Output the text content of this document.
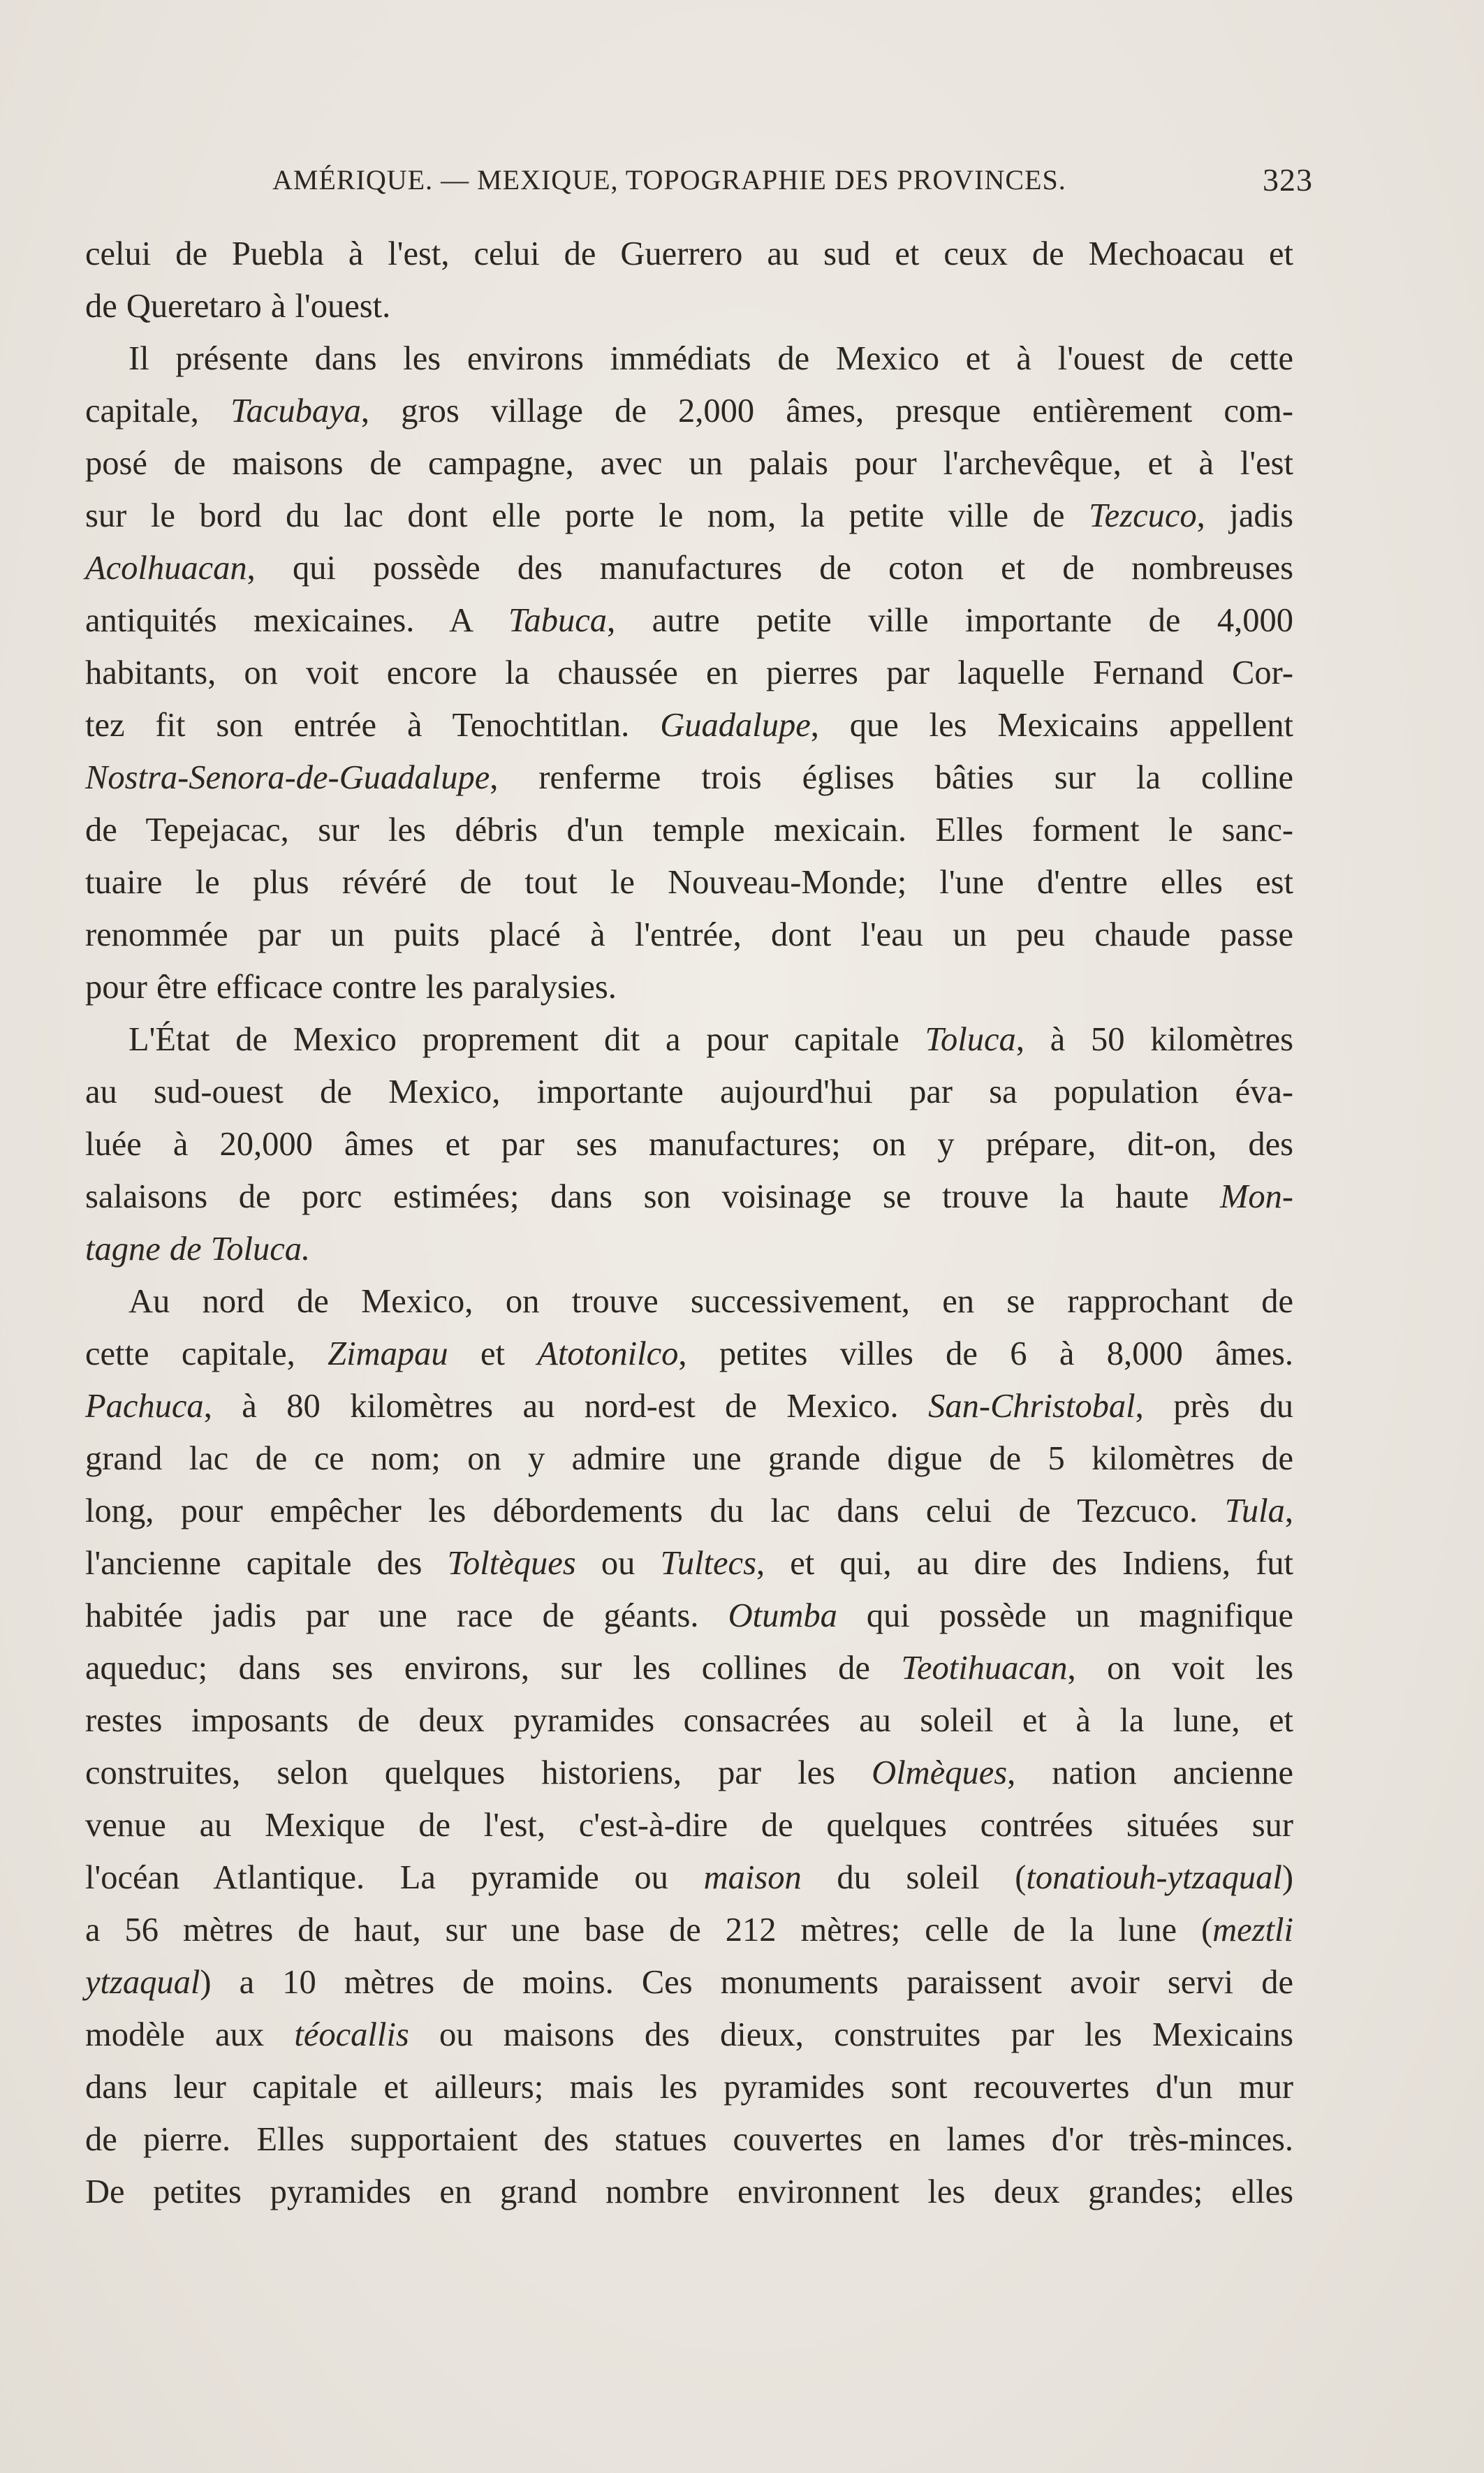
AMÉRIQUE. — MEXIQUE, TOPOGRAPHIE DES PROVINCES.	323
celui de Puebla à l'est, celui de Guerrero au sud et ceux de Mechoacau et
de Queretaro à l'ouest.
Il présente dans les environs immédiats de Mexico et à l'ouest de cette
capitale, Tacubaya, gros village de 2,000 âmes, presque entièrement com-
posé de maisons de campagne, avec un palais pour l'archevêque, et à l'est
sur le bord du lac dont elle porte le nom, la petite ville de Tezcuco, jadis
Acolhuacan, qui possède des manufactures de coton et de nombreuses
antiquités mexicaines. A Tabuca, autre petite ville importante de 4,000
habitants, on voit encore la chaussée en pierres par laquelle Fernand Cor-
tez fit son entrée à Tenochtitlan. Guadalupe, que les Mexicains appellent
Nostra-Senora-de-Guadalupe, renferme trois églises bâties sur la colline
de Tepejacac, sur les débris d'un temple mexicain. Elles forment le sanc-
tuaire le plus révéré de tout le Nouveau-Monde; l'une d'entre elles est
renommée par un puits placé à l'entrée, dont l'eau un peu chaude passe
pour être efficace contre les paralysies.
L'État de Mexico proprement dit a pour capitale Toluca, à 50 kilomètres
au sud-ouest de Mexico, importante aujourd'hui par sa population éva-
luée à 20,000 âmes et par ses manufactures; on y prépare, dit-on, des
salaisons de porc estimées; dans son voisinage se trouve la haute Mon-
tagne de Toluca.
Au nord de Mexico, on trouve successivement, en se rapprochant de
cette capitale, Zimapau et Atotonilco, petites villes de 6 à 8,000 âmes.
Pachuca, à 80 kilomètres au nord-est de Mexico. San-Christobal, près du
grand lac de ce nom; on y admire une grande digue de 5 kilomètres de
long, pour empêcher les débordements du lac dans celui de Tezcuco. Tula,
l'ancienne capitale des Toltèques ou Tultecs, et qui, au dire des Indiens, fut
habitée jadis par une race de géants. Otumba qui possède un magnifique
aqueduc; dans ses environs, sur les collines de Teotihuacan, on voit les
restes imposants de deux pyramides consacrées au soleil et à la lune, et
construites, selon quelques historiens, par les Olmèques, nation ancienne
venue au Mexique de l'est, c'est-à-dire de quelques contrées situées sur
l'océan Atlantique. La pyramide ou maison du soleil (tonatiouh-ytzaqual)
a 56 mètres de haut, sur une base de 212 mètres; celle de la lune (meztli
ytzaqual) a 10 mètres de moins. Ces monuments paraissent avoir servi de
modèle aux téocallis ou maisons des dieux, construites par les Mexicains
dans leur capitale et ailleurs; mais les pyramides sont recouvertes d'un mur
de pierre. Elles supportaient des statues couvertes en lames d'or très-minces.
De petites pyramides en grand nombre environnent les deux grandes; elles
